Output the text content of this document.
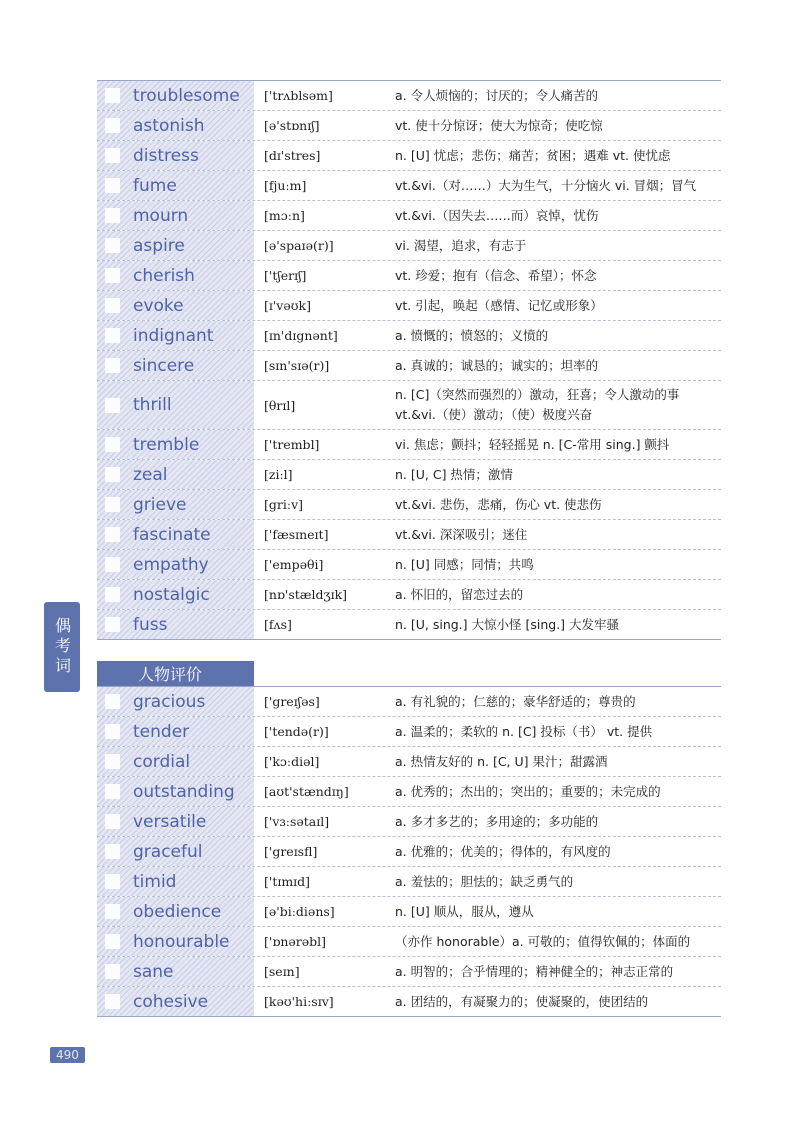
troublesome	['trʌblsəm]	a. 令人烦恼的；讨厌的；令人痛苦的
astonish	[ə'stɒnɪʃ]	vt. 使十分惊讶；使大为惊奇；使吃惊
distress	[dɪ'stres]	n. [U] 忧虑；悲伤；痛苦；贫困；遇难 vt. 使忧虑
fume	[fjuːm]	vt.&vi.（对……）大为生气，十分恼火 vi. 冒烟；冒气
mourn	[mɔːn]	vt.&vi.（因失去……而）哀悼，忧伤
aspire	[ə'spaɪə(r)]	vi. 渴望，追求，有志于
cherish	['tʃerɪʃ]	vt. 珍爱；抱有（信念、希望）；怀念
evoke	[ɪ'vəʊk]	vt. 引起，唤起（感情、记忆或形象）
indignant	[ɪn'dɪgnənt]	a. 愤慨的；愤怒的；义愤的
sincere	[sɪn'sɪə(r)]	a. 真诚的；诚恳的；诚实的；坦率的
thrill	[θrɪl]
n. [C]（突然而强烈的）激动，狂喜；令人激动的事
vt.&vi.（使）激动；（使）极度兴奋
tremble	['trembl]	vi. 焦虑；颤抖；轻轻摇晃 n. [C-常用 sing.] 颤抖
zeal	[ziːl]	n. [U, C] 热情；激情
grieve	[griːv]	vt.&vi. 悲伤，悲痛，伤心 vt. 使悲伤
fascinate	['fæsɪneɪt]	vt.&vi. 深深吸引；迷住
empathy	['empəθi]	n. [U] 同感；同情；共鸣
nostalgic	[nɒ'stældʒɪk]	a. 怀旧的，留恋过去的
fuss	[fʌs]	n. [U, sing.] 大惊小怪 [sing.] 大发牢骚
人物评价
gracious	['greɪʃəs]	a. 有礼貌的；仁慈的；豪华舒适的；尊贵的
tender	['tendə(r)]	a. 温柔的；柔软的 n. [C] 投标（书） vt. 提供
cordial	['kɔːdiəl]	a. 热情友好的 n. [C, U] 果汁；甜露酒
outstanding	[aʊt'stændɪŋ]	a. 优秀的；杰出的；突出的；重要的；未完成的
versatile	['vɜːsətaɪl]	a. 多才多艺的；多用途的；多功能的
graceful	['greɪsfl]	a. 优雅的；优美的；得体的，有风度的
timid	['tɪmɪd]	a. 羞怯的；胆怯的；缺乏勇气的
obedience	[ə'biːdiəns]	n. [U] 顺从，服从，遵从
honourable	['ɒnərəbl]	（亦作 honorable）a. 可敬的；值得钦佩的；体面的
sane	[seɪn]	a. 明智的；合乎情理的；精神健全的；神志正常的
cohesive	[kəʊ'hiːsɪv]	a. 团结的，有凝聚力的；使凝聚的，使团结的
偶考词
490
